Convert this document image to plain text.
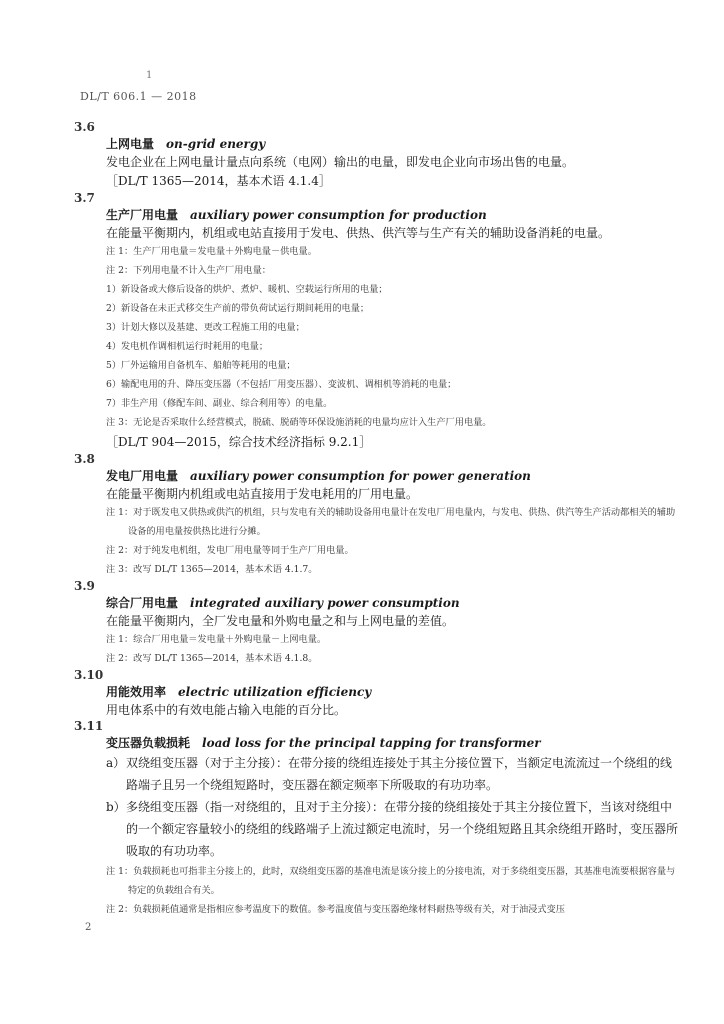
1
DL/T 606.1 — 2018
3.6
上网电量 on-grid energy
发电企业在上网电量计量点向系统（电网）输出的电量，即发电企业向市场出售的电量。
［DL/T 1365—2014，基本术语 4.1.4］
3.7
生产厂用电量 auxiliary power consumption for production
在能量平衡期内，机组或电站直接用于发电、供热、供汽等与生产有关的辅助设备消耗的电量。
注 1：生产厂用电量＝发电量＋外购电量－供电量。
注 2：下列用电量不计入生产厂用电量：
1）新设备或大修后设备的烘炉、煮炉、暖机、空载运行所用的电量；
2）新设备在未正式移交生产前的带负荷试运行期间耗用的电量；
3）计划大修以及基建、更改工程施工用的电量；
4）发电机作调相机运行时耗用的电量；
5）厂外运输用自备机车、船舶等耗用的电量；
6）输配电用的升、降压变压器（不包括厂用变压器）、变波机、调相机等消耗的电量；
7）非生产用（修配车间、副业、综合利用等）的电量。
注 3：无论是否采取什么经营模式，脱硫、脱硝等环保设施消耗的电量均应计入生产厂用电量。
［DL/T 904—2015，综合技术经济指标 9.2.1］
3.8
发电厂用电量 auxiliary power consumption for power generation
在能量平衡期内机组或电站直接用于发电耗用的厂用电量。
注 1：对于既发电又供热或供汽的机组，只与发电有关的辅助设备用电量计在发电厂用电量内，与发电、供热、供汽等生产活动都相关的辅助设备的用电量按供热比进行分摊。
注 2：对于纯发电机组，发电厂用电量等同于生产厂用电量。
注 3：改写 DL/T 1365—2014，基本术语 4.1.7。
3.9
综合厂用电量 integrated auxiliary power consumption
在能量平衡期内，全厂发电量和外购电量之和与上网电量的差值。
注 1：综合厂用电量＝发电量＋外购电量－上网电量。
注 2：改写 DL/T 1365—2014，基本术语 4.1.8。
3.10
用能效用率 electric utilization efficiency
用电体系中的有效电能占输入电能的百分比。
3.11
变压器负载损耗 load loss for the principal tapping for transformer
a）双绕组变压器（对于主分接）：在带分接的绕组连接处于其主分接位置下，当额定电流流过一个绕组的线路端子且另一个绕组短路时，变压器在额定频率下所吸取的有功功率。
b）多绕组变压器（指一对绕组的，且对于主分接）：在带分接的绕组接处于其主分接位置下，当该对绕组中的一个额定容量较小的绕组的线路端子上流过额定电流时，另一个绕组短路且其余绕组开路时，变压器所吸取的有功功率。
注 1：负载损耗也可指非主分接上的，此时，双绕组变压器的基准电流是该分接上的分接电流，对于多绕组变压器，其基准电流要根据容量与特定的负载组合有关。
注 2：负载损耗值通常是指相应参考温度下的数值。参考温度值与变压器绝缘材料耐热等级有关，对于油浸式变压
2
